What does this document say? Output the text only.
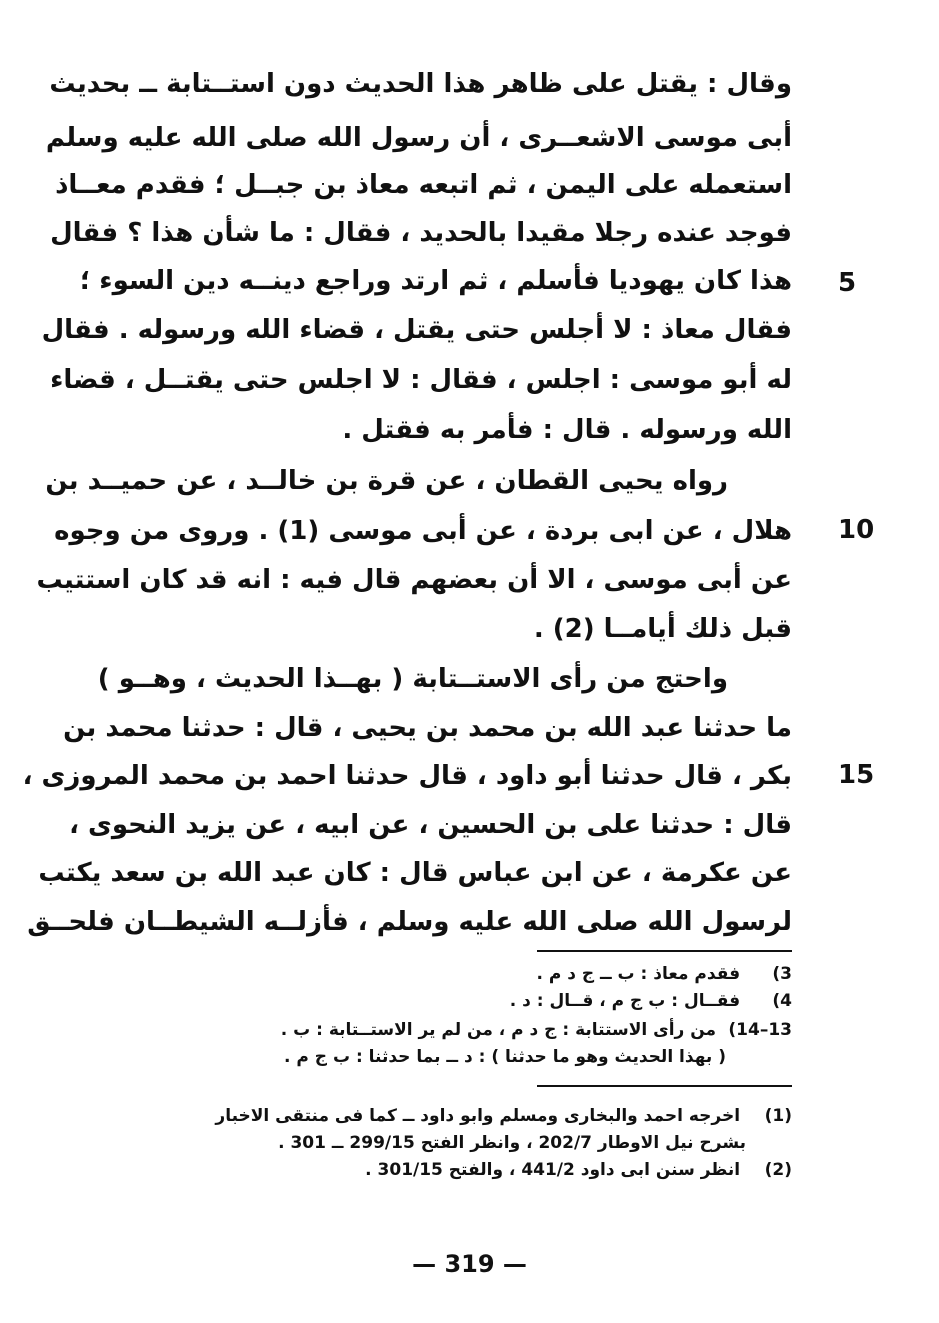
وقال : يقتل على ظاهر هذا الحديث دون استــتابة ــ بحديث
أبى موسى الاشعــرى ، أن رسول الله صلى الله عليه وسلم
استعمله على اليمن ، ثم اتبعه معاذ بن جبــل ؛ فقدم معــاذ
فوجد عنده رجلا مقيدا بالحديد ، فقال : ما شأن هذا ؟ فقال
هذا كان يهوديا فأسلم ، ثم ارتد وراجع دينــه دين السوء ؛
فقال معاذ : لا أجلس حتى يقتل ، قضاء الله ورسوله . فقال
له أبو موسى : اجلس ، فقال : لا اجلس حتى يقتــل ، قضاء
الله ورسوله . قال : فأمر به فقتل .
رواه يحيى القطان ، عن قرة بن خالــد ، عن حميــد بن
هلال ، عن ابى بردة ، عن أبى موسى (1) . وروى من وجوه
عن أبى موسى ، الا أن بعضهم قال فيه : انه قد كان استتيب
قبل ذلك أيامــا (2) .
واحتج من رأى الاستــتابة ( بهــذا الحديث ، وهــو )
ما حدثنا عبد الله بن محمد بن يحيى ، قال : حدثنا محمد بن
بكر ، قال حدثنا أبو داود ، قال حدثنا احمد بن محمد المروزى ،
قال : حدثنا على بن الحسين ، عن ابيه ، عن يزيد النحوى ،
عن عكرمة ، عن ابن عباس قال : كان عبد الله بن سعد يكتب
لرسول الله صلى الله عليه وسلم ، فأزلــه الشيطــان فلحــق
5
10
15
3) فقدم معاذ : ب ــ ج د م .
4) فقــال : ب ج م ، قــال : د .
13–14) من رأى الاستتابة : ج د م ، من لم ير الاستــتابة : ب .
( بهذا الحديث وهو ما حدثنا ) : د ــ بما حدثنا : ب ج م .
(1) اخرجه احمد والبخارى ومسلم وابو داود ــ كما فى منتقى الاخبار
بشرح نيل الاوطار 202/7 ، وانظر الفتح 299/15 ــ 301 .
(2) انظر سنن ابى داود 441/2 ، والفتح 301/15 .
— 319 —
